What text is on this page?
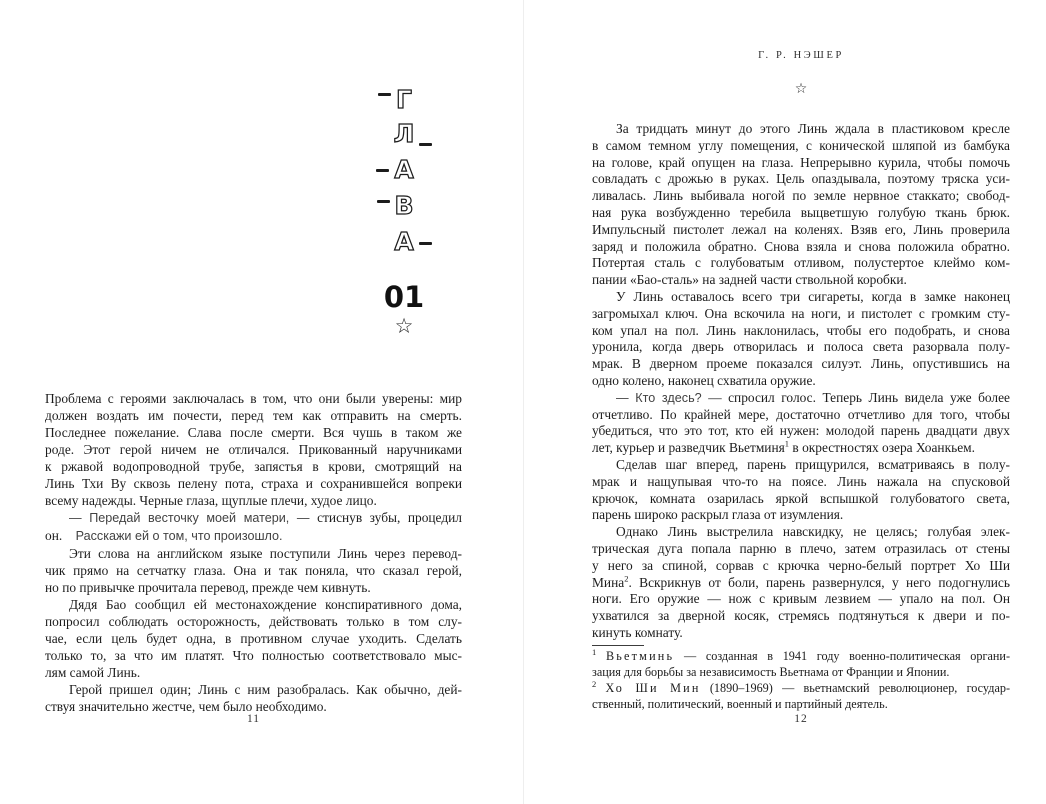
Г
Л
А
В
А
01
☆
Проблема с героями заключалась в том, что они были уверены: мир
должен воздать им почести, перед тем как отправить на смерть.
Последнее пожелание. Слава после смерти. Вся чушь в таком же
роде. Этот герой ничем не отличался. Прикованный наручниками
к ржавой водопроводной трубе, запястья в крови, смотрящий на
Линь Тхи Ву сквозь пелену пота, страха и сохранившейся вопреки
всему надежды. Черные глаза, щуплые плечи, худое лицо.
— Передай весточку моей матери, — стиснув зубы, процедил
он. Расскажи ей о том, что произошло.
Эти слова на английском языке поступили Линь через перевод-
чик прямо на сетчатку глаза. Она и так поняла, что сказал герой,
но по привычке прочитала перевод, прежде чем кивнуть.
Дядя Бао сообщил ей местонахождение конспиративного дома,
попросил соблюдать осторожность, действовать только в том слу-
чае, если цель будет одна, в противном случае уходить. Сделать
только то, за что им платят. Что полностью соответствовало мыс-
лям самой Линь.
Герой пришел один; Линь с ним разобралась. Как обычно, дей-
ствуя значительно жестче, чем было необходимо.
11
Г. Р. НЭШЕР
☆
За тридцать минут до этого Линь ждала в пластиковом кресле
в самом темном углу помещения, с конической шляпой из бамбука
на голове, край опущен на глаза. Непрерывно курила, чтобы помочь
совладать с дрожью в руках. Цель опаздывала, поэтому тряска уси-
ливалась. Линь выбивала ногой по земле нервное стаккато; свобод-
ная рука возбужденно теребила выцветшую голубую ткань брюк.
Импульсный пистолет лежал на коленях. Взяв его, Линь проверила
заряд и положила обратно. Снова взяла и снова положила обратно.
Потертая сталь с голубоватым отливом, полустертое клеймо ком-
пании «Бао-сталь» на задней части ствольной коробки.
У Линь оставалось всего три сигареты, когда в замке наконец
загромыхал ключ. Она вскочила на ноги, и пистолет с громким сту-
ком упал на пол. Линь наклонилась, чтобы его подобрать, и снова
уронила, когда дверь отворилась и полоса света разорвала полу-
мрак. В дверном проеме показался силуэт. Линь, опустившись на
одно колено, наконец схватила оружие.
— Кто здесь? — спросил голос. Теперь Линь видела уже более
отчетливо. По крайней мере, достаточно отчетливо для того, чтобы
убедиться, что это тот, кто ей нужен: молодой парень двадцати двух
лет, курьер и разведчик Вьетминя$^1$ в окрестностях озера Хоанкьем.
Сделав шаг вперед, парень прищурился, всматриваясь в полу-
мрак и нащупывая что-то на поясе. Линь нажала на спусковой
крючок, комната озарилась яркой вспышкой голубоватого света,
парень широко раскрыл глаза от изумления.
Однако Линь выстрелила навскидку, не целясь; голубая элек-
трическая дуга попала парню в плечо, затем отразилась от стены
у него за спиной, сорвав с крючка черно-белый портрет Хо Ши
Мина$^2$. Вскрикнув от боли, парень развернулся, у него подогнулись
ноги. Его оружие — нож с кривым лезвием — упало на пол. Он
ухватился за дверной косяк, стремясь подтянуться к двери и по-
кинуть комнату.
$^1$ Вьетминь — созданная в 1941 году военно-политическая органи-
зация для борьбы за независимость Вьетнама от Франции и Японии.
$^2$ Хо Ши Мин (1890–1969) — вьетнамский революционер, государ-
ственный, политический, военный и партийный деятель.
12
